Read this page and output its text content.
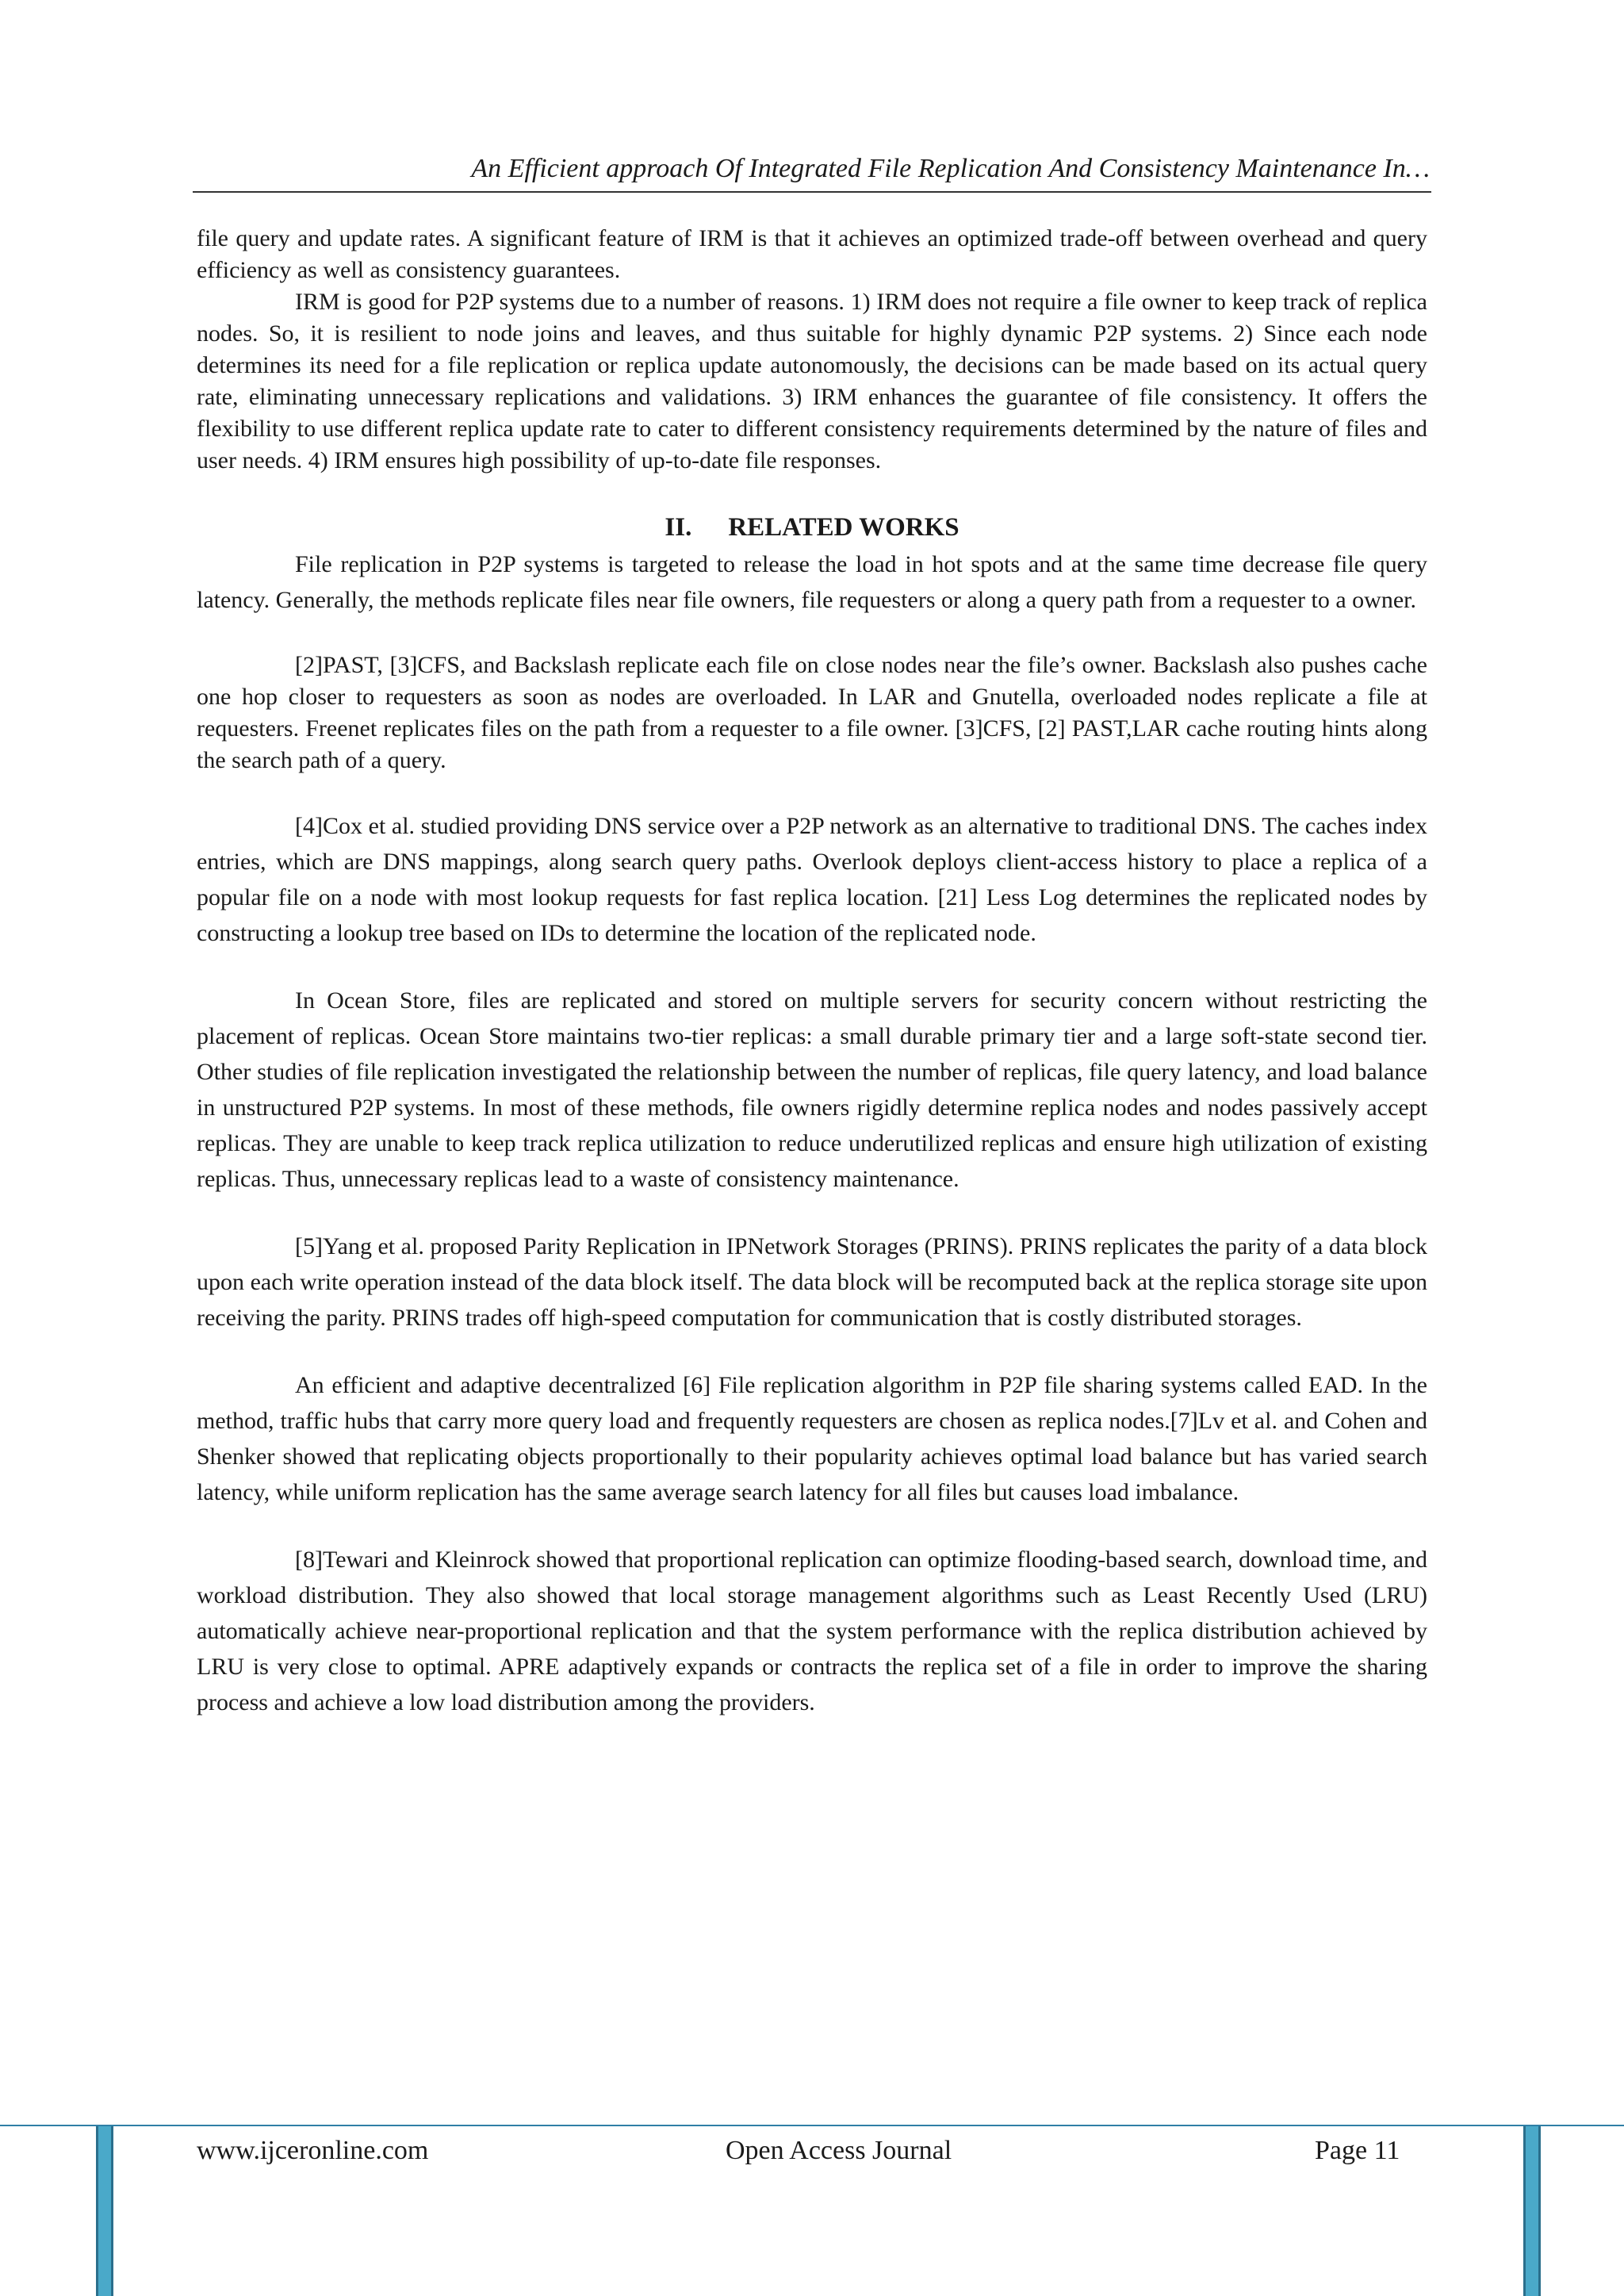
An Efficient approach Of Integrated File Replication And Consistency Maintenance In…

file query and update rates. A significant feature of IRM is that it achieves an optimized trade-off between overhead and query efficiency as well as consistency guarantees.

IRM is good for P2P systems due to a number of reasons. 1) IRM does not require a file owner to keep track of replica nodes. So, it is resilient to node joins and leaves, and thus suitable for highly dynamic P2P systems. 2) Since each node determines its need for a file replication or replica update autonomously, the decisions can be made based on its actual query rate, eliminating unnecessary replications and validations. 3) IRM enhances the guarantee of file consistency. It offers the flexibility to use different replica update rate to cater to different consistency requirements determined by the nature of files and user needs. 4) IRM ensures high possibility of up-to-date file responses.

II. RELATED WORKS

File replication in P2P systems is targeted to release the load in hot spots and at the same time decrease file query latency. Generally, the methods replicate files near file owners, file requesters or along a query path from a requester to a owner.

[2]PAST, [3]CFS, and Backslash replicate each file on close nodes near the file’s owner. Backslash also pushes cache one hop closer to requesters as soon as nodes are overloaded. In LAR and Gnutella, overloaded nodes replicate a file at requesters. Freenet replicates files on the path from a requester to a file owner. [3]CFS, [2] PAST,LAR cache routing hints along the search path of a query.

[4]Cox et al. studied providing DNS service over a P2P network as an alternative to traditional DNS. The caches index entries, which are DNS mappings, along search query paths. Overlook deploys client-access history to place a replica of a popular file on a node with most lookup requests for fast replica location. [21] Less Log determines the replicated nodes by constructing a lookup tree based on IDs to determine the location of the replicated node.

In Ocean Store, files are replicated and stored on multiple servers for security concern without restricting the placement of replicas. Ocean Store maintains two-tier replicas: a small durable primary tier and a large soft-state second tier. Other studies of file replication investigated the relationship between the number of replicas, file query latency, and load balance in unstructured P2P systems. In most of these methods, file owners rigidly determine replica nodes and nodes passively accept replicas. They are unable to keep track replica utilization to reduce underutilized replicas and ensure high utilization of existing replicas. Thus, unnecessary replicas lead to a waste of consistency maintenance.

[5]Yang et al. proposed Parity Replication in IPNetwork Storages (PRINS). PRINS replicates the parity of a data block upon each write operation instead of the data block itself. The data block will be recomputed back at the replica storage site upon receiving the parity. PRINS trades off high-speed computation for communication that is costly distributed storages.

An efficient and adaptive decentralized [6] File replication algorithm in P2P file sharing systems called EAD. In the method, traffic hubs that carry more query load and frequently requesters are chosen as replica nodes.[7]Lv et al. and Cohen and Shenker showed that replicating objects proportionally to their popularity achieves optimal load balance but has varied search latency, while uniform replication has the same average search latency for all files but causes load imbalance.

[8]Tewari and Kleinrock showed that proportional replication can optimize flooding-based search, download time, and workload distribution. They also showed that local storage management algorithms such as Least Recently Used (LRU) automatically achieve near-proportional replication and that the system performance with the replica distribution achieved by LRU is very close to optimal. APRE adaptively expands or contracts the replica set of a file in order to improve the sharing process and achieve a low load distribution among the providers.

www.ijceronline.com	Open Access Journal	Page 11
